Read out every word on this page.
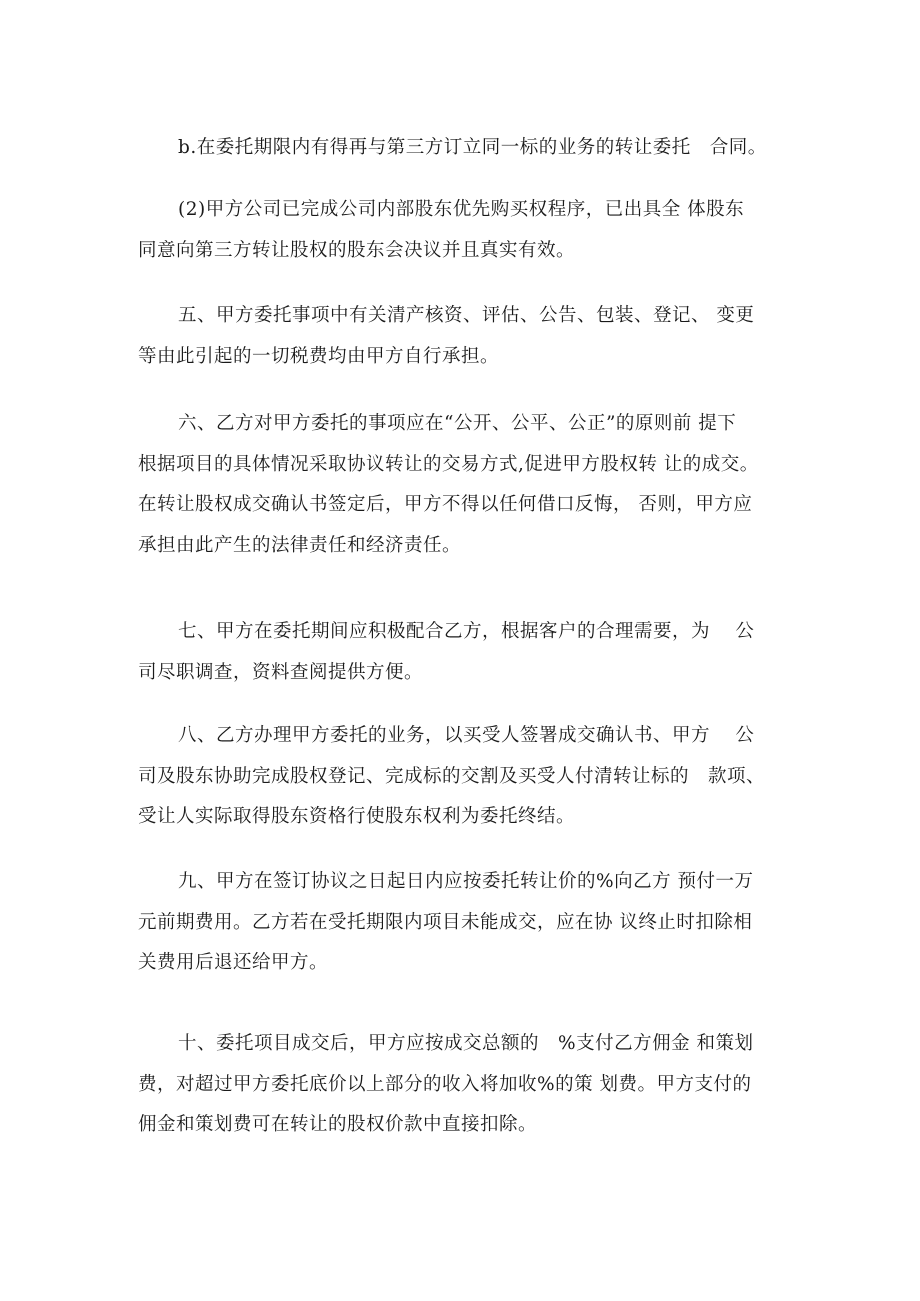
b.在委托期限内有得再与第三方订立同一标的业务的转让委托　合同。

(2)甲方公司已完成公司内部股东优先购买权程序，已出具全 体股东
同意向第三方转让股权的股东会决议并且真实有效。

五、甲方委托事项中有关清产核资、评估、公告、包装、登记、 变更
等由此引起的一切税费均由甲方自行承担。

六、乙方对甲方委托的事项应在“公开、公平、公正”的原则前 提下
根据项目的具体情况采取协议转让的交易方式,促进甲方股权转 让的成交。
在转让股权成交确认书签定后，甲方不得以任何借口反悔， 否则，甲方应
承担由此产生的法律责任和经济责任。

七、甲方在委托期间应积极配合乙方，根据客户的合理需要，为　 公
司尽职调查，资料查阅提供方便。

八、乙方办理甲方委托的业务，以买受人签署成交确认书、甲方　 公
司及股东协助完成股权登记、完成标的交割及买受人付清转让标的　款项、
受让人实际取得股东资格行使股东权利为委托终结。

九、甲方在签订协议之日起日内应按委托转让价的%向乙方 预付一万
元前期费用。乙方若在受托期限内项目未能成交，应在协 议终止时扣除相
关费用后退还给甲方。

十、委托项目成交后，甲方应按成交总额的　%支付乙方佣金 和策划
费，对超过甲方委托底价以上部分的收入将加收%的策 划费。甲方支付的
佣金和策划费可在转让的股权价款中直接扣除。
